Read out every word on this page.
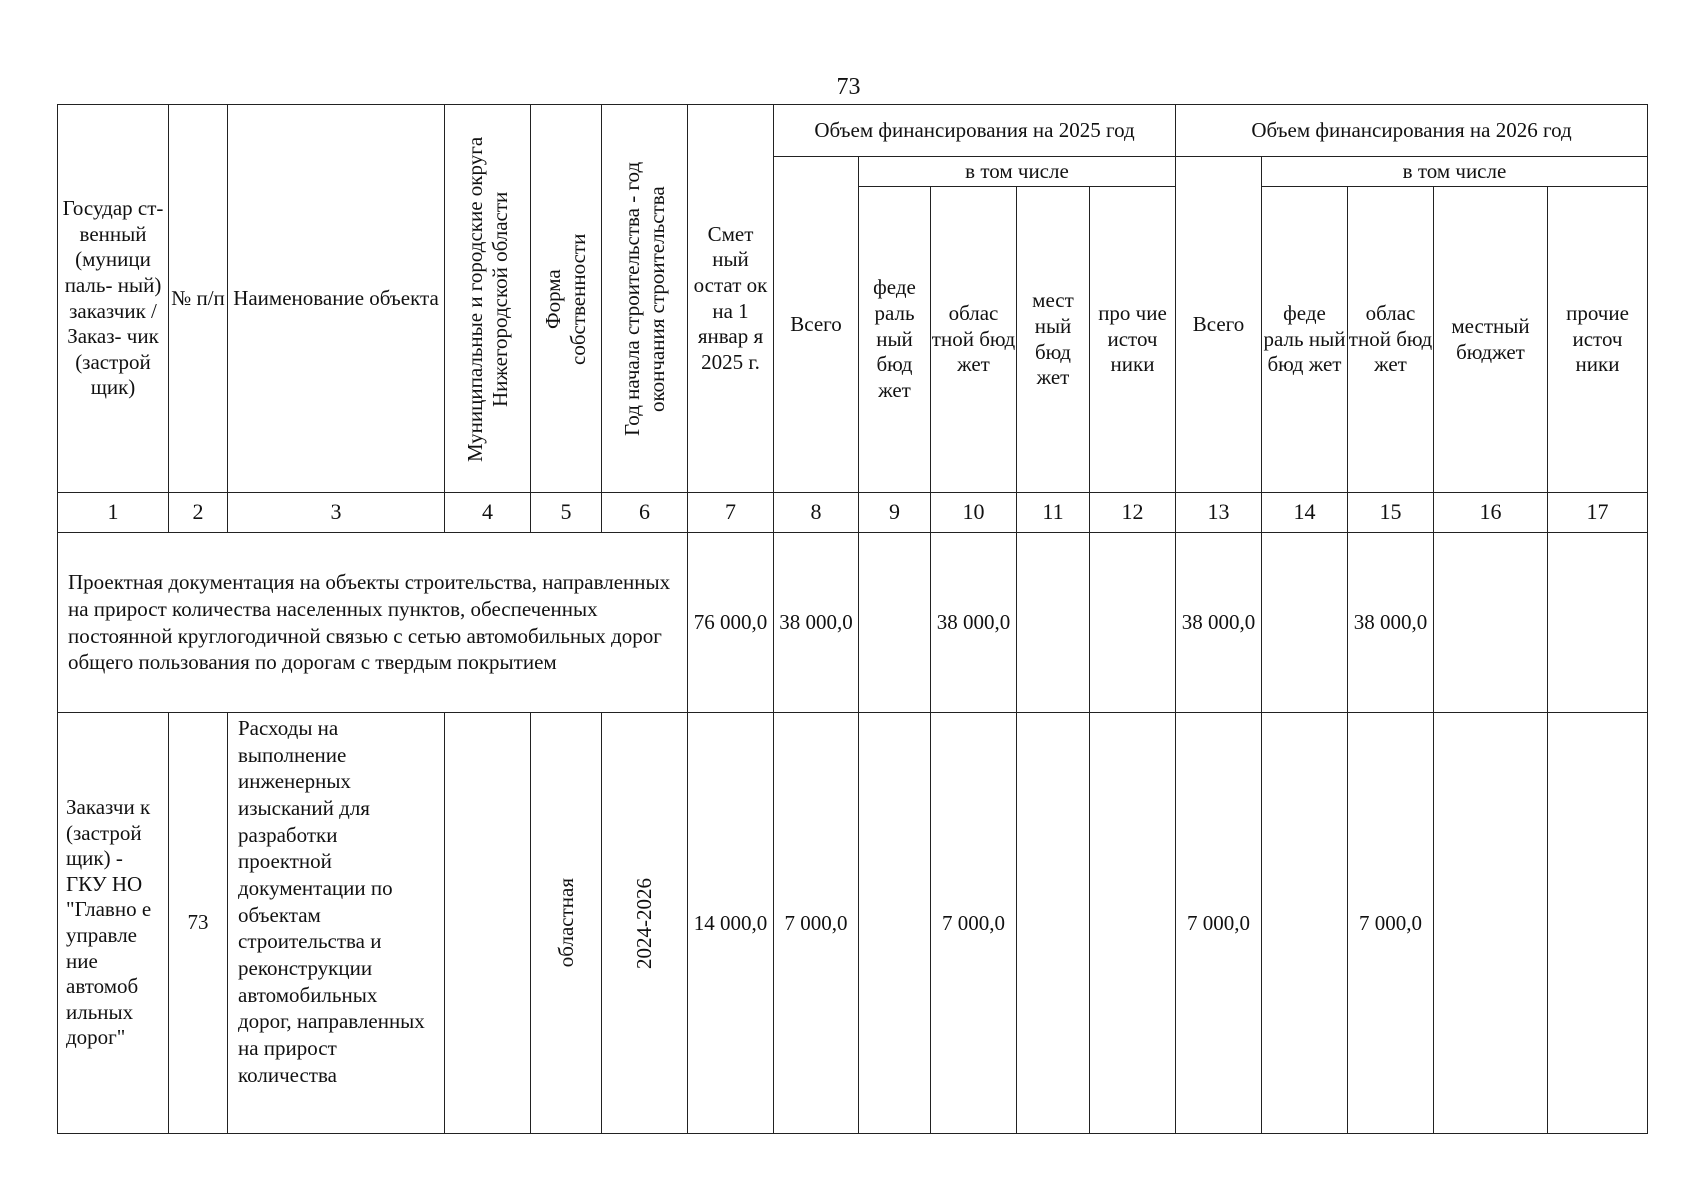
73
Государ ст- венный (муници паль- ный) заказчик / Заказ- чик (застрой щик)	№ п/п	Наименование объекта	Муниципальные и городские округа Нижегородской области	Форма собственности	Год начала строительства - год окончания строительства	Смет ный остат ок на 1 январ я 2025 г.	Объем финансирования на 2025 год					Объем финансирования на 2026 год				
							Всего	в том числе				Всего	в том числе			
								феде раль ный бюд жет	облас тной бюд жет	мест ный бюд жет	про чие источ ники		феде раль ный бюд жет	облас тной бюд жет	местный бюджет	прочие источ ники
1	2	3	4	5	6	7	8	9	10	11	12	13	14	15	16	17
Проектная документация на объекты строительства, направленных на прирост количества населенных пунктов, обеспеченных постоянной круглогодичной связью с сетью автомобильных дорог общего пользования по дорогам с твердым покрытием						76 000,0	38 000,0		38 000,0			38 000,0		38 000,0		
Заказчи к (застрой щик) - ГКУ НО "Главно е управле ние автомоб ильных дорог"	73	Расходы на выполнение инженерных изысканий для разработки проектной документации по объектам строительства и реконструкции автомобильных дорог, направленных на прирост количества		областная	2024-2026	14 000,0	7 000,0		7 000,0			7 000,0		7 000,0		
